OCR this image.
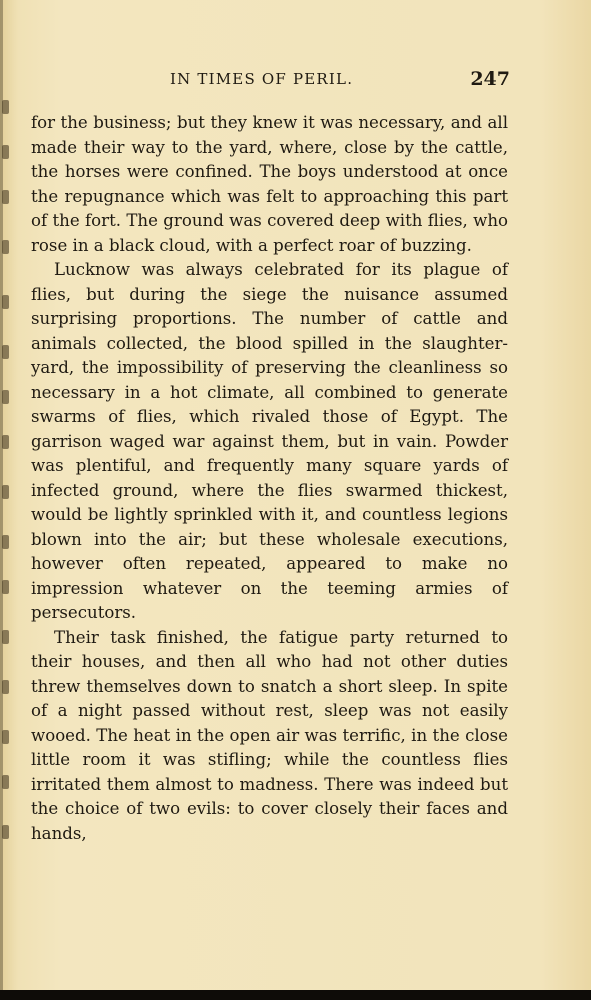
IN TIMES OF PERIL.	247

for the business; but they knew it was necessary, and all made their way to the yard, where, close by the cattle, the horses were confined. The boys understood at once the repugnance which was felt to approaching this part of the fort. The ground was covered deep with flies, who rose in a black cloud, with a perfect roar of buzzing.

Lucknow was always celebrated for its plague of flies, but during the siege the nuisance assumed surprising proportions. The number of cattle and animals collected, the blood spilled in the slaughter-yard, the impossibility of preserving the cleanliness so necessary in a hot climate, all combined to generate swarms of flies, which rivaled those of Egypt. The garrison waged war against them, but in vain. Powder was plentiful, and frequently many square yards of infected ground, where the flies swarmed thickest, would be lightly sprinkled with it, and countless legions blown into the air; but these wholesale executions, however often repeated, appeared to make no impression whatever on the teeming armies of persecutors.

Their task finished, the fatigue party returned to their houses, and then all who had not other duties threw themselves down to snatch a short sleep. In spite of a night passed without rest, sleep was not easily wooed. The heat in the open air was terrific, in the close little room it was stifling; while the countless flies irritated them almost to madness. There was indeed but the choice of two evils: to cover closely their faces and hands,
